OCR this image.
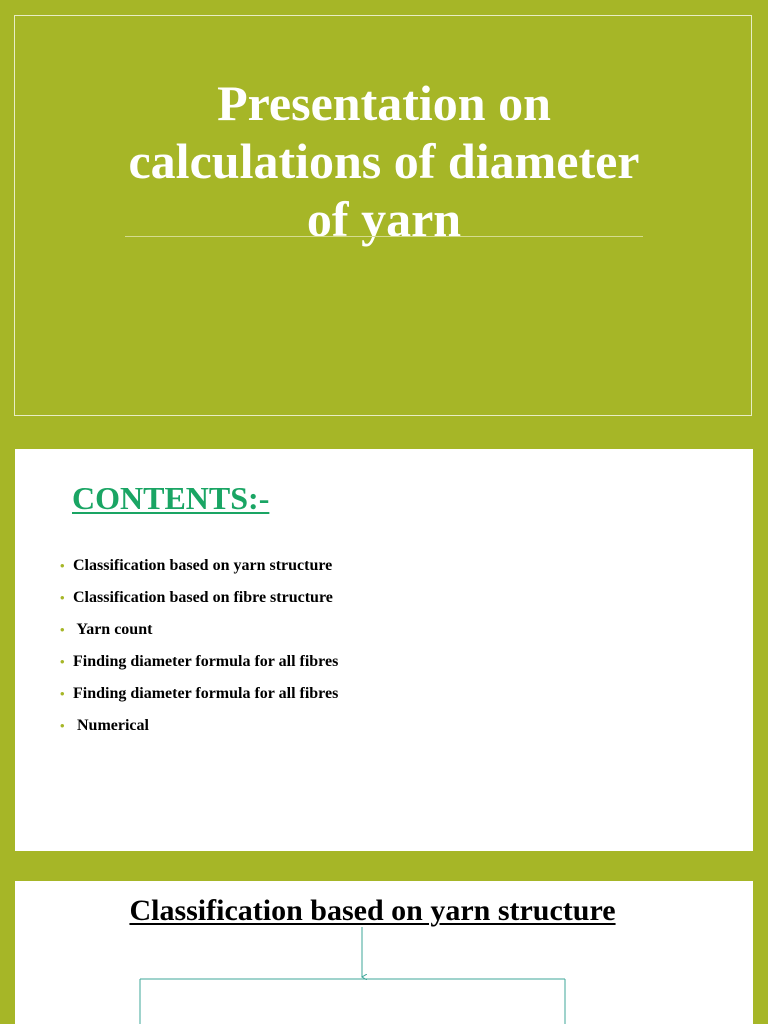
Presentation on
calculations of diameter
of yarn
CONTENTS:-
• Classification based on yarn structure
• Classification based on fibre structure
• Yarn count
• Finding diameter formula for all fibres
• Finding diameter formula for all fibres
• Numerical
Classification based on yarn structure
